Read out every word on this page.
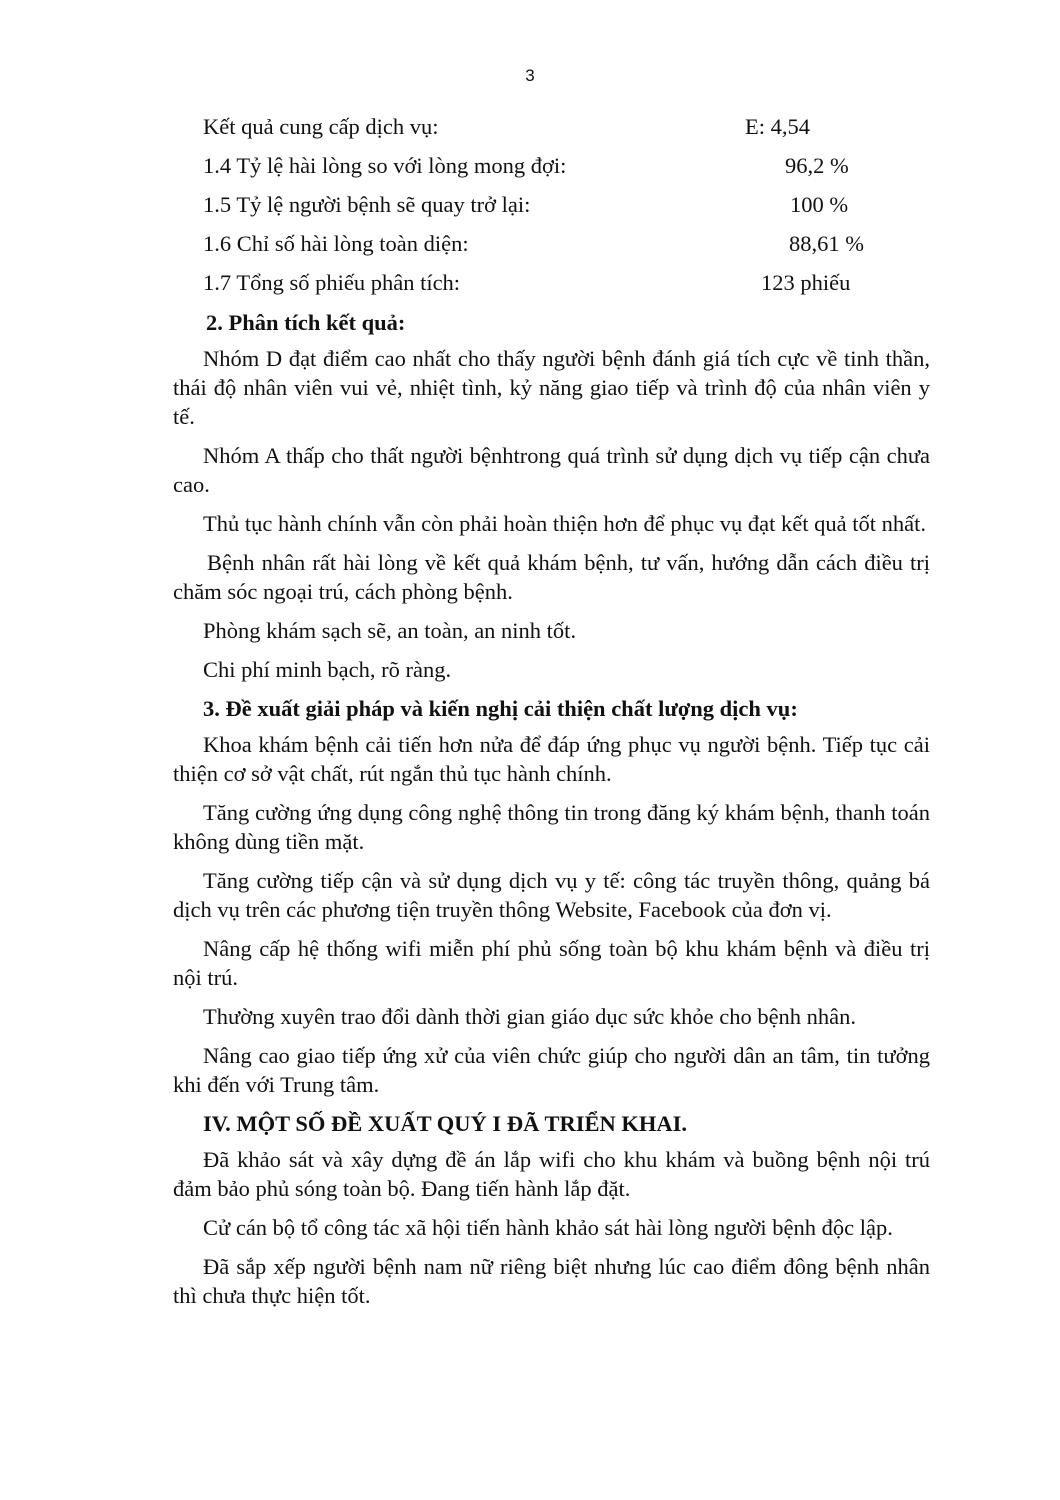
3
Kết quả cung cấp dịch vụ:	E: 4,54
1.4 Tỷ lệ hài lòng so với lòng mong đợi:	96,2 %
1.5 Tỷ lệ người bệnh sẽ quay trở lại:	100 %
1.6 Chỉ số hài lòng toàn diện:	88,61 %
1.7 Tổng số phiếu phân tích:	123 phiếu
2. Phân tích kết quả:

Nhóm D đạt điểm cao nhất cho thấy người bệnh đánh giá tích cực về tinh thần, thái độ nhân viên vui vẻ, nhiệt tình, kỷ năng giao tiếp và trình độ của nhân viên y tế.

Nhóm A thấp cho thất người bệnhtrong quá trình sử dụng dịch vụ tiếp cận chưa cao.

Thủ tục hành chính vẫn còn phải hoàn thiện hơn để phục vụ đạt kết quả tốt nhất.

Bệnh nhân rất hài lòng về kết quả khám bệnh, tư vấn, hướng dẫn cách điều trị chăm sóc ngoại trú, cách phòng bệnh.

Phòng khám sạch sẽ, an toàn, an ninh tốt.

Chi phí minh bạch, rõ ràng.

3. Đề xuất giải pháp và kiến nghị cải thiện chất lượng dịch vụ:

Khoa khám bệnh cải tiến hơn nửa để đáp ứng phục vụ người bệnh. Tiếp tục cải thiện cơ sở vật chất, rút ngắn thủ tục hành chính.

Tăng cường ứng dụng công nghệ thông tin trong đăng ký khám bệnh, thanh toán không dùng tiền mặt.

Tăng cường tiếp cận và sử dụng dịch vụ y tế: công tác truyền thông, quảng bá dịch vụ trên các phương tiện truyền thông Website, Facebook của đơn vị.

Nâng cấp hệ thống wifi miễn phí phủ sống toàn bộ khu khám bệnh và điều trị nội trú.

Thường xuyên trao đổi dành thời gian giáo dục sức khỏe cho bệnh nhân.

Nâng cao giao tiếp ứng xử của viên chức giúp cho người dân an tâm, tin tưởng khi đến với Trung tâm.

IV. MỘT SỐ ĐỀ XUẤT QUÝ I ĐÃ TRIỂN KHAI.

Đã khảo sát và xây dựng đề án lắp wifi cho khu khám và buồng bệnh nội trú đảm bảo phủ sóng toàn bộ. Đang tiến hành lắp đặt.

Cử cán bộ tổ công tác xã hội tiến hành khảo sát hài lòng người bệnh độc lập.

Đã sắp xếp người bệnh nam nữ riêng biệt nhưng lúc cao điểm đông bệnh nhân thì chưa thực hiện tốt.
